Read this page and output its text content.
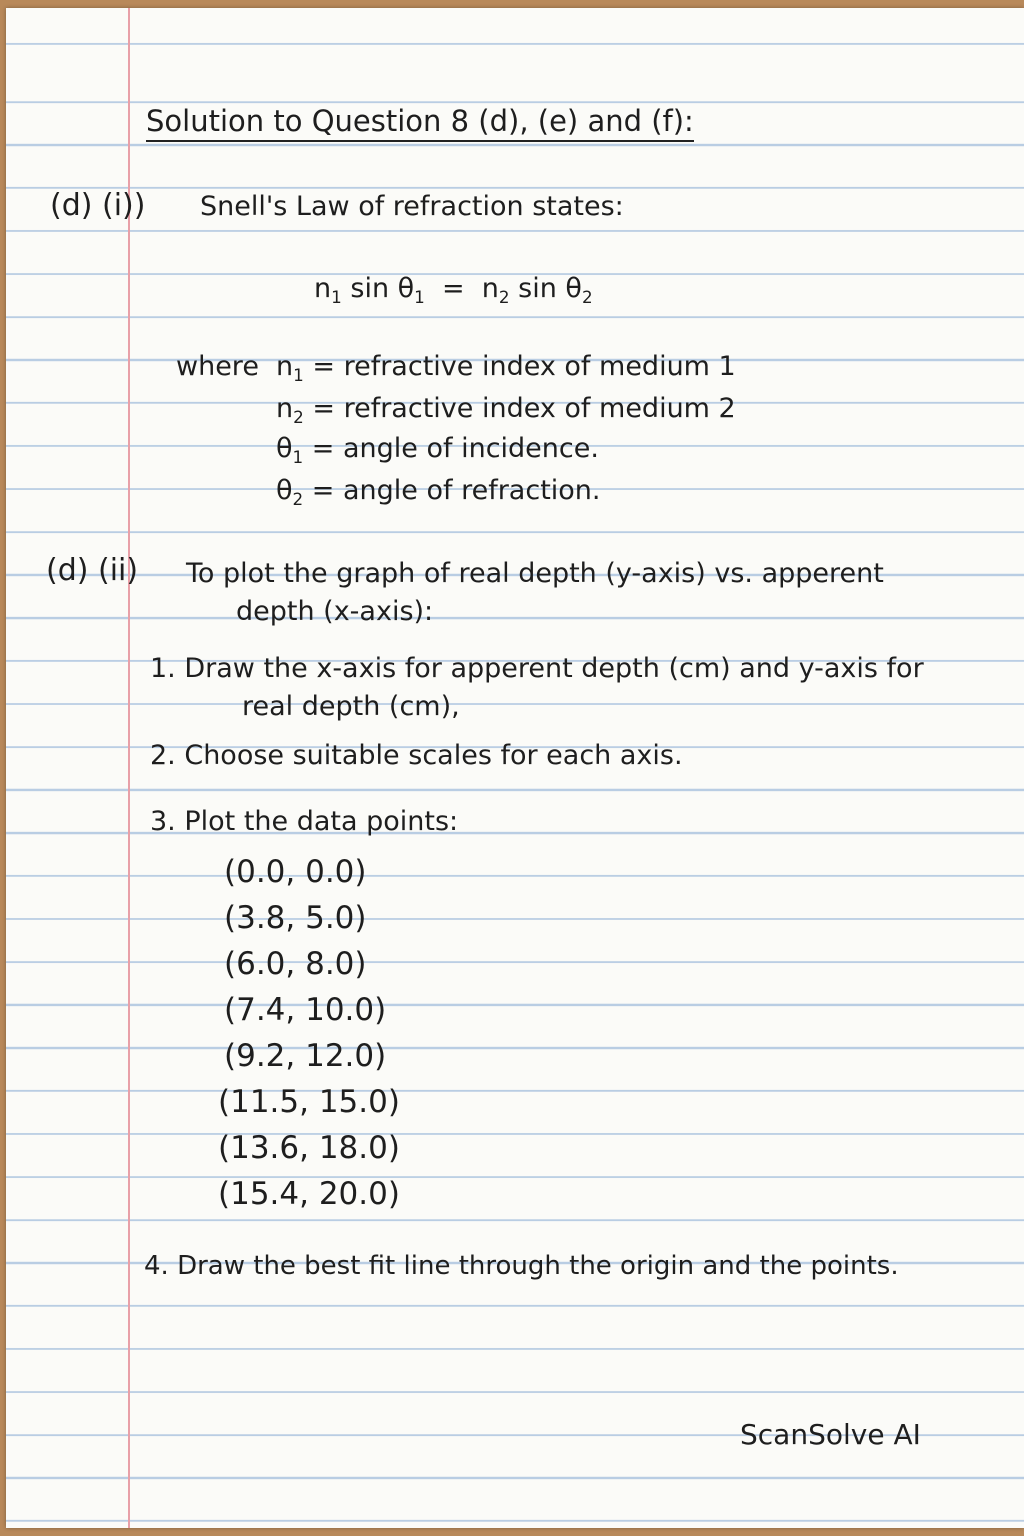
Solution to Question 8 (d), (e) and (f):
(d) (i)) Snell's Law of refraction states:
$n_1$ $\sin \theta_1 = n_2$ $\sin \theta_2$
where $n_1$ = refractive index of medium 1
$n_2$ = refractive index of medium 2
$\theta_1$ = angle of incidence.
$\theta_2$ = angle of refraction.
(d) (ii) To plot the graph of real depth (y-axis) vs. apperent
depth (x-axis):
1. Draw the x-axis for apperent depth (cm) and y-axis for
real depth (cm),
2. Choose suitable scales for each axis.
3. Plot the data points:
(0.0, 0.0)
(3.8, 5.0)
(6.0, 8.0)
(7.4, 10.0)
(9.2, 12.0)
(11.5, 15.0)
(13.6, 18.0)
(15.4, 20.0)
4. Draw the best fit line through the origin and the points.
ScanSolve AI
